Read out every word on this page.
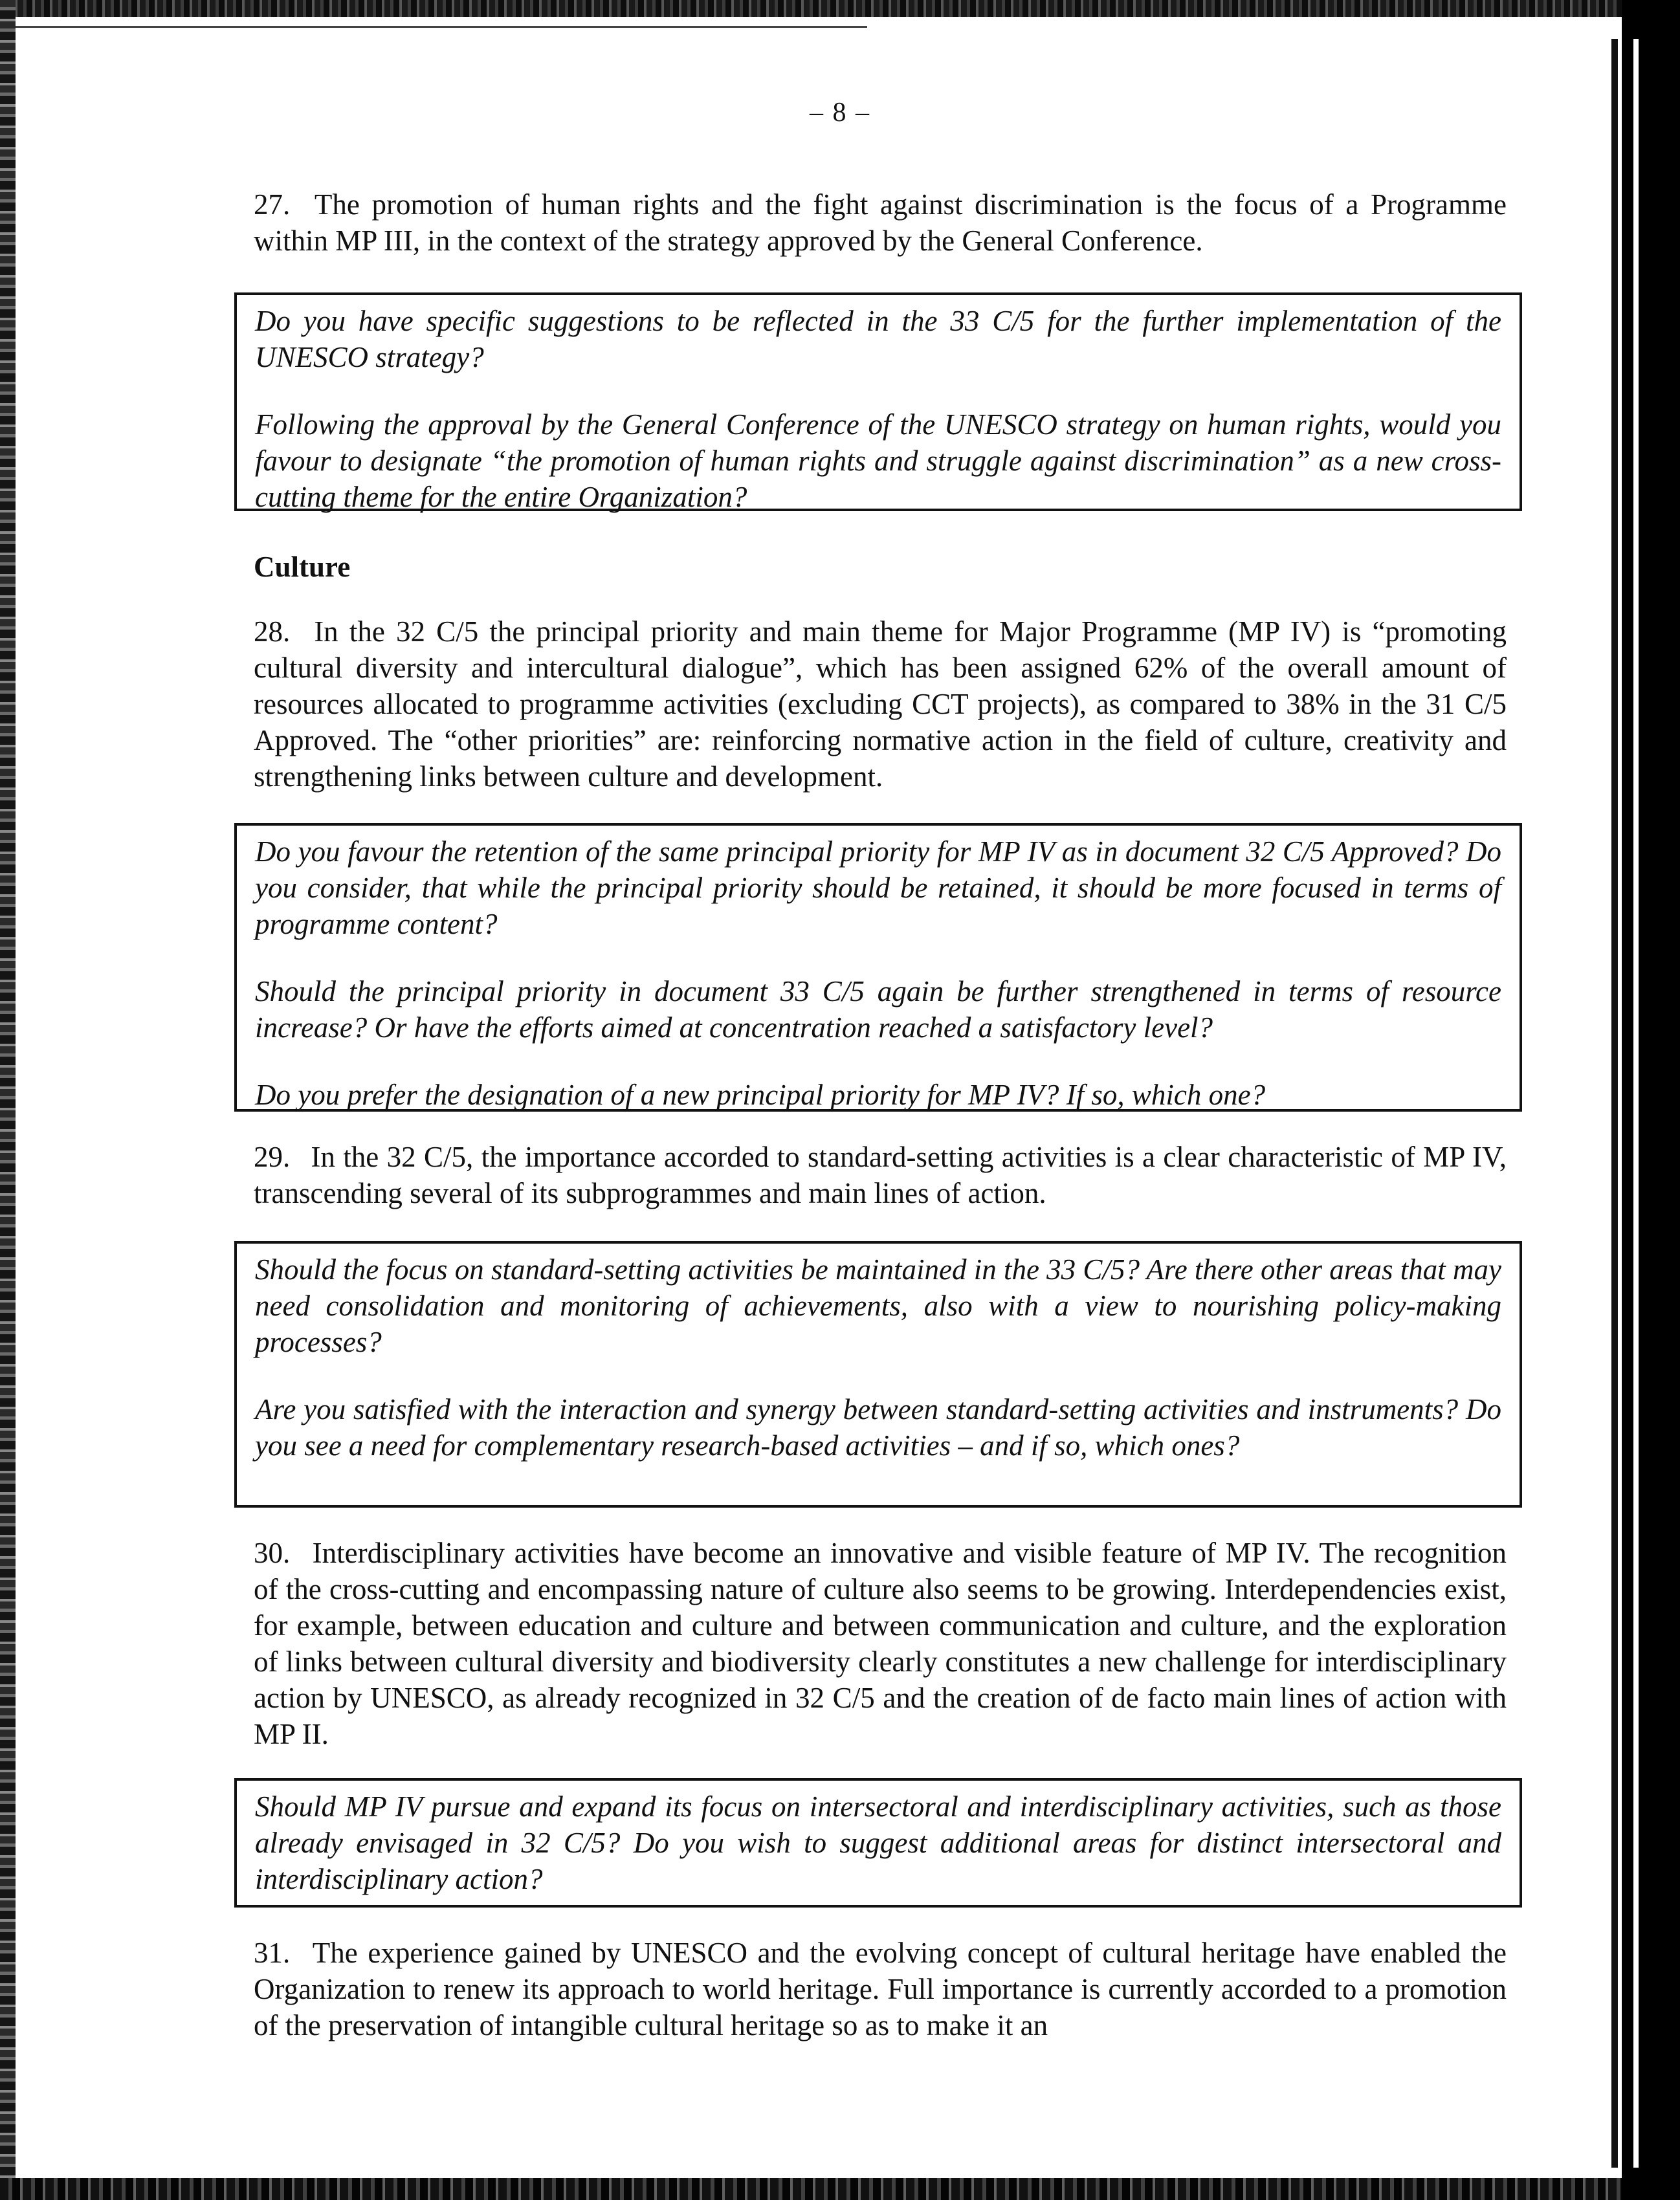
– 8 –

27. The promotion of human rights and the fight against discrimination is the focus of a Programme within MP III, in the context of the strategy approved by the General Conference.

Do you have specific suggestions to be reflected in the 33 C/5 for the further implementation of the UNESCO strategy?

Following the approval by the General Conference of the UNESCO strategy on human rights, would you favour to designate “the promotion of human rights and struggle against discrimination” as a new cross-cutting theme for the entire Organization?

Culture

28. In the 32 C/5 the principal priority and main theme for Major Programme (MP IV) is “promoting cultural diversity and intercultural dialogue”, which has been assigned 62% of the overall amount of resources allocated to programme activities (excluding CCT projects), as compared to 38% in the 31 C/5 Approved. The “other priorities” are: reinforcing normative action in the field of culture, creativity and strengthening links between culture and development.

Do you favour the retention of the same principal priority for MP IV as in document 32 C/5 Approved? Do you consider, that while the principal priority should be retained, it should be more focused in terms of programme content?

Should the principal priority in document 33 C/5 again be further strengthened in terms of resource increase? Or have the efforts aimed at concentration reached a satisfactory level?

Do you prefer the designation of a new principal priority for MP IV? If so, which one?

29. In the 32 C/5, the importance accorded to standard-setting activities is a clear characteristic of MP IV, transcending several of its subprogrammes and main lines of action.

Should the focus on standard-setting activities be maintained in the 33 C/5? Are there other areas that may need consolidation and monitoring of achievements, also with a view to nourishing policy-making processes?

Are you satisfied with the interaction and synergy between standard-setting activities and instruments? Do you see a need for complementary research-based activities – and if so, which ones?

30. Interdisciplinary activities have become an innovative and visible feature of MP IV. The recognition of the cross-cutting and encompassing nature of culture also seems to be growing. Interdependencies exist, for example, between education and culture and between communication and culture, and the exploration of links between cultural diversity and biodiversity clearly constitutes a new challenge for interdisciplinary action by UNESCO, as already recognized in 32 C/5 and the creation of de facto main lines of action with MP II.

Should MP IV pursue and expand its focus on intersectoral and interdisciplinary activities, such as those already envisaged in 32 C/5? Do you wish to suggest additional areas for distinct intersectoral and interdisciplinary action?

31. The experience gained by UNESCO and the evolving concept of cultural heritage have enabled the Organization to renew its approach to world heritage. Full importance is currently accorded to a promotion of the preservation of intangible cultural heritage so as to make it an
